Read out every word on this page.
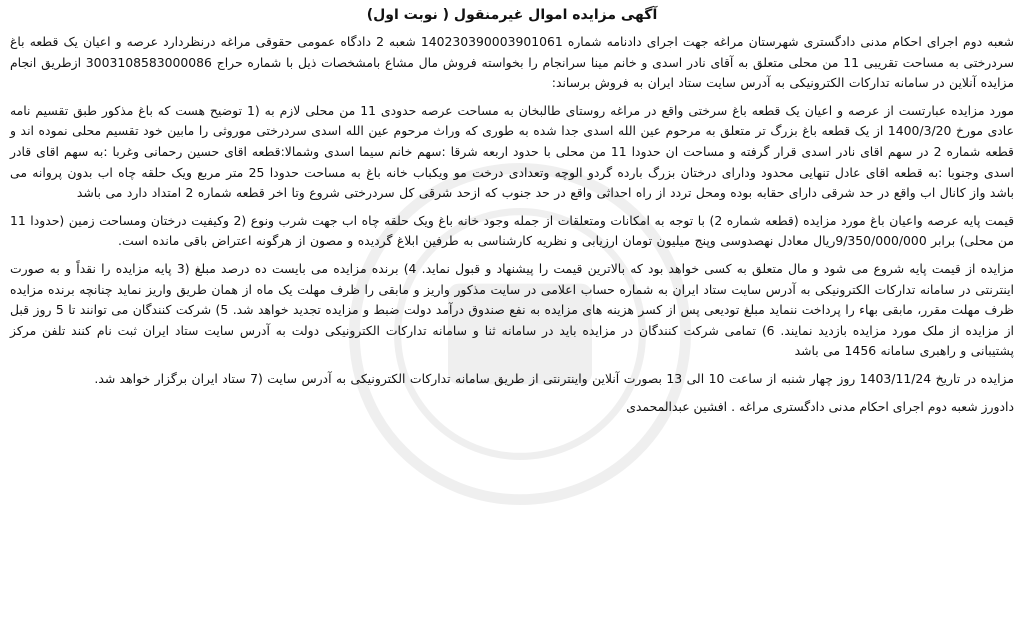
آگهی مزایده اموال غیرمنقول ( نوبت اول)

شعبه دوم اجرای احکام مدنی دادگستری شهرستان مراغه جهت اجرای دادنامه شماره 140230390003901061 شعبه 2 دادگاه عمومی حقوقی مراغه درنظردارد عرصه و اعیان یک قطعه باغ سردرختی به مساحت تقریبی 11 من محلی متعلق به آقای نادر اسدی و خانم مینا سرانجام را بخواسته فروش مال مشاع بامشخصات ذیل با شماره حراج 3003108583000086 ازطریق انجام مزایده آنلاین در سامانه تدارکات الکترونیکی به آدرس سایت ستاد ایران به فروش برساند:

مورد مزایده عبارتست از عرصه و اعیان یک قطعه باغ سرختی واقع در مراغه روستای طالبخان به مساحت عرصه حدودی 11 من محلی لازم به (1 توضیح هست که باغ مذکور طبق تقسیم نامه عادی مورخ 1400/3/20 از یک قطعه باغ بزرگ تر متعلق به مرحوم عین الله اسدی جدا شده به طوری که وراث مرحوم عین الله اسدی سردرختی موروثی را مابین خود تقسیم محلی نموده اند و قطعه شماره 2 در سهم اقای نادر اسدی قرار گرفته و مساحت ان حدودا 11 من محلی با حدود اربعه شرقا :سهم خانم سیما اسدی وشمالا:قطعه اقای حسین رحمانی وغربا :به سهم اقای قادر اسدی وجنوبا :به قطعه اقای عادل تنهایی محدود ودارای درختان بزرگ بارده گردو الوچه وتعدادی درخت مو ویکباب خانه باغ به مساحت حدودا 25 متر مربع ویک حلقه چاه اب بدون پروانه می باشد واز کانال اب واقع در حد شرقی دارای حقابه بوده ومحل تردد از راه احداثی واقع در حد جنوب که ازحد شرقی کل سردرختی شروع وتا اخر قطعه شماره 2 امتداد دارد می باشد

قیمت پایه عرصه واعیان باغ مورد مزایده (قطعه شماره 2) با توجه به امکانات ومتعلقات از جمله وجود خانه باغ ویک حلقه چاه اب جهت شرب ونوع (2 وکیفیت درختان ومساحت زمین (حدودا 11 من محلی) برابر 9/350/000/000ریال معادل نهصدوسی وپنج میلیون تومان ارزیابی و نظریه کارشناسی به طرفین ابلاغ گردیده و مصون از هرگونه اعتراض باقی مانده است.

مزایده از قیمت پایه شروع می شود و مال متعلق به کسی خواهد بود که بالاترین قیمت را پیشنهاد و قبول نماید. 4) برنده مزایده می بایست ده درصد مبلغ (3 پایه مزایده را نقداً و به صورت اینترنتی در سامانه تدارکات الکترونیکی به آدرس سایت ستاد ایران به شماره حساب اعلامی در سایت مذکور واریز و مابقی را ظرف مهلت یک ماه از همان طریق واریز نماید چنانچه برنده مزایده ظرف مهلت مقرر، مابقی بهاء را پرداخت ننماید مبلغ تودیعی پس از کسر هزینه های مزایده به نفع صندوق درآمد دولت ضبط و مزایده تجدید خواهد شد. 5) شرکت کنندگان می توانند تا 5 روز قبل از مزایده از ملک مورد مزایده بازدید نمایند. 6) تمامی شرکت کنندگان در مزایده باید در سامانه ثنا و سامانه تدارکات الکترونیکی دولت به آدرس سایت ستاد ایران ثبت نام کنند تلفن مرکز پشتیبانی و راهبری سامانه 1456 می باشد

مزایده در تاریخ 1403/11/24 روز چهار شنبه از ساعت 10 الی 13 بصورت آنلاین واینترنتی از طریق سامانه تدارکات الکترونیکی به آدرس سایت (7 ستاد ایران برگزار خواهد شد.

دادورز شعبه دوم اجرای احکام مدنی دادگستری مراغه . افشین عبدالمحمدی
